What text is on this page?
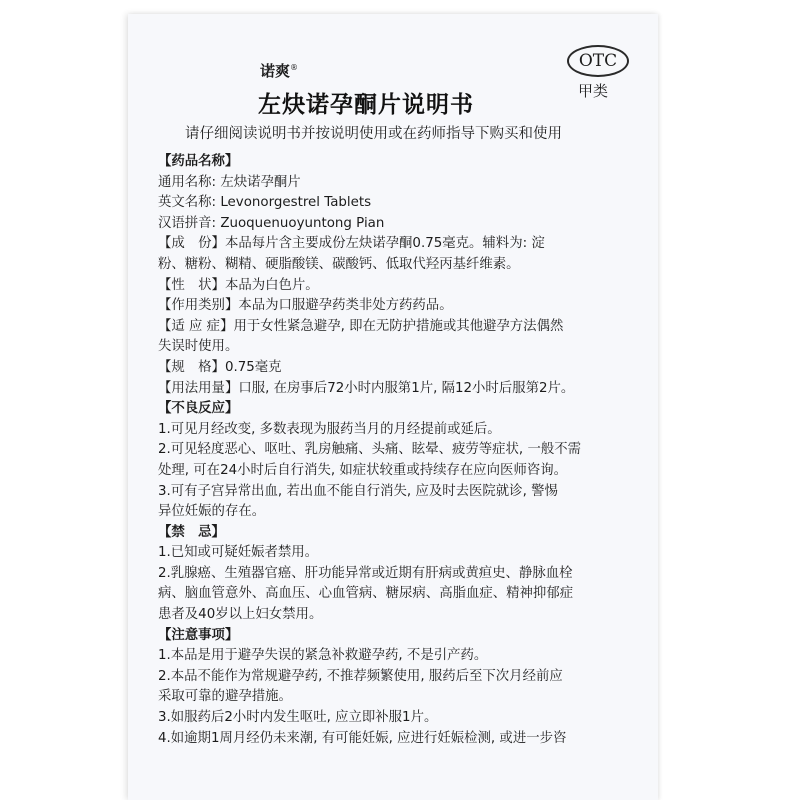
诺爽®	OTC
甲类
左炔诺孕酮片说明书
请仔细阅读说明书并按说明使用或在药师指导下购买和使用
【药品名称】
通用名称: 左炔诺孕酮片
英文名称: Levonorgestrel Tablets
汉语拼音: Zuoquenuoyuntong Pian
【成　份】本品每片含主要成份左炔诺孕酮0.75毫克。辅料为: 淀
粉、糖粉、糊精、硬脂酸镁、碳酸钙、低取代羟丙基纤维素。
【性　状】本品为白色片。
【作用类别】本品为口服避孕药类非处方药药品。
【适 应 症】用于女性紧急避孕, 即在无防护措施或其他避孕方法偶然
失误时使用。
【规　格】0.75毫克
【用法用量】口服, 在房事后72小时内服第1片, 隔12小时后服第2片。
【不良反应】
1.可见月经改变, 多数表现为服药当月的月经提前或延后。
2.可见轻度恶心、呕吐、乳房触痛、头痛、眩晕、疲劳等症状, 一般不需
处理, 可在24小时后自行消失, 如症状较重或持续存在应向医师咨询。
3.可有子宫异常出血, 若出血不能自行消失, 应及时去医院就诊, 警惕
异位妊娠的存在。
【禁　忌】
1.已知或可疑妊娠者禁用。
2.乳腺癌、生殖器官癌、肝功能异常或近期有肝病或黄疸史、静脉血栓
病、脑血管意外、高血压、心血管病、糖尿病、高脂血症、精神抑郁症
患者及40岁以上妇女禁用。
【注意事项】
1.本品是用于避孕失误的紧急补救避孕药, 不是引产药。
2.本品不能作为常规避孕药, 不推荐频繁使用, 服药后至下次月经前应
采取可靠的避孕措施。
3.如服药后2小时内发生呕吐, 应立即补服1片。
4.如逾期1周月经仍未来潮, 有可能妊娠, 应进行妊娠检测, 或进一步咨
